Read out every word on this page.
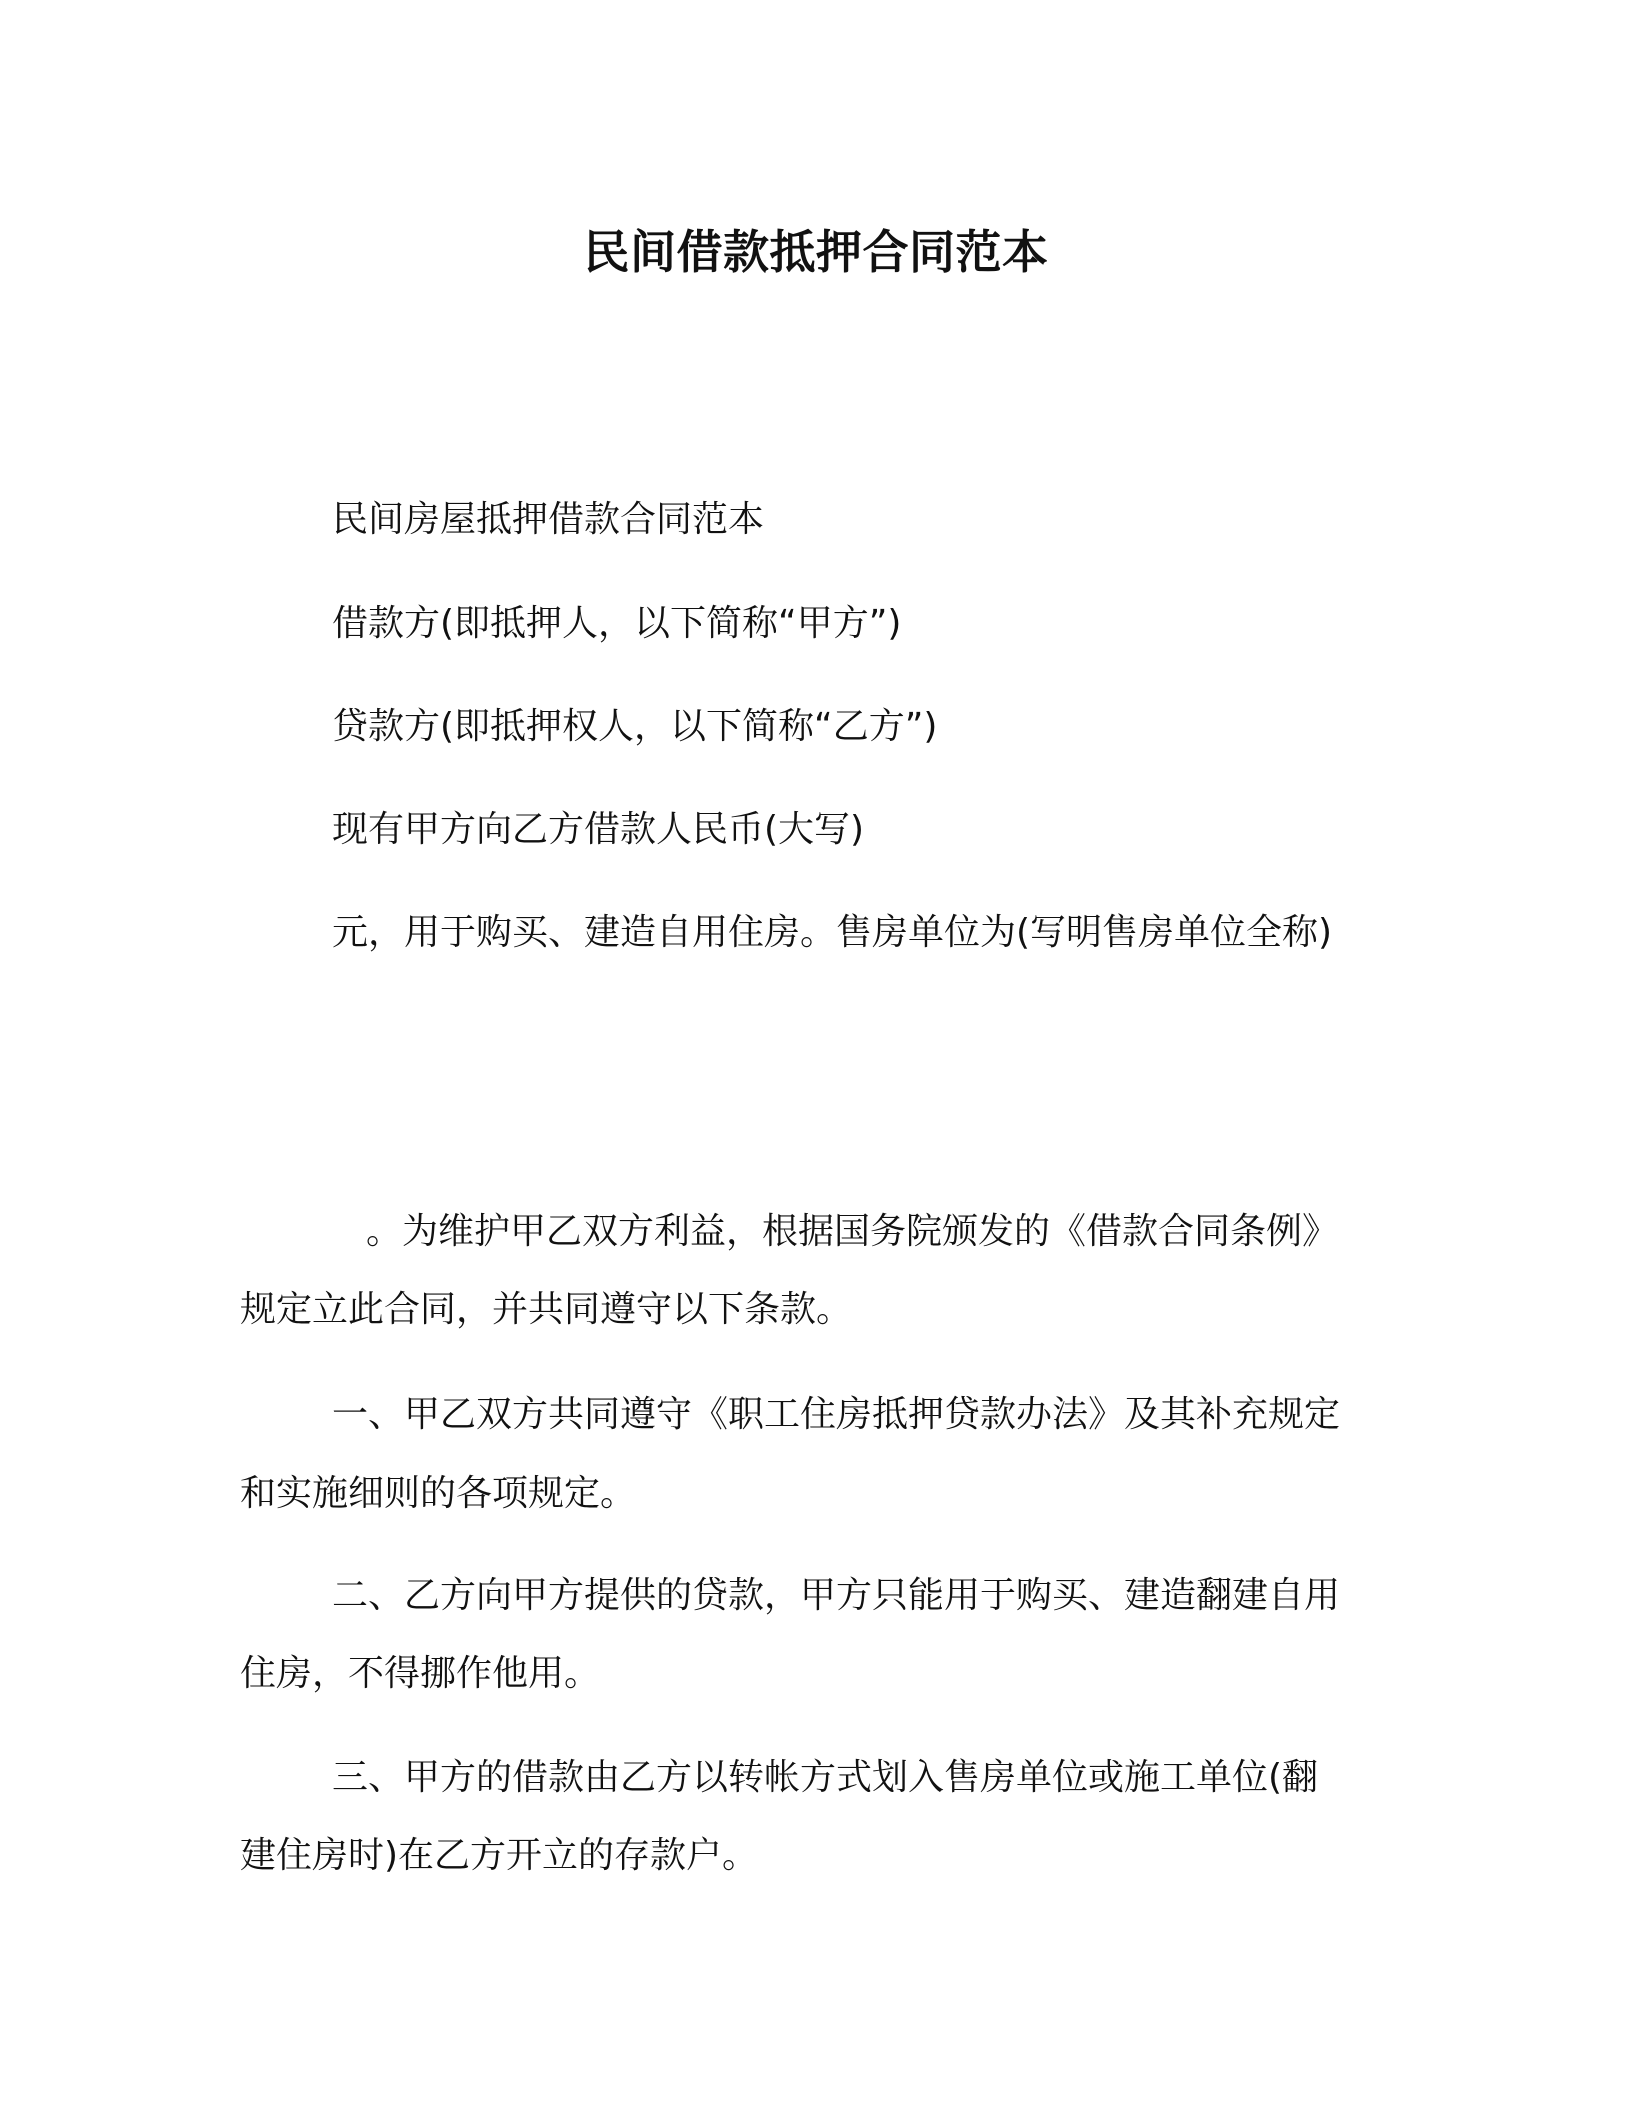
民间借款抵押合同范本
民间房屋抵押借款合同范本
借款方(即抵押人，以下简称“甲方”)
贷款方(即抵押权人，以下简称“乙方”)
现有甲方向乙方借款人民币(大写)
元，用于购买、建造自用住房。售房单位为(写明售房单位全称)
。为维护甲乙双方利益，根据国务院颁发的《借款合同条例》
规定立此合同，并共同遵守以下条款。
一、甲乙双方共同遵守《职工住房抵押贷款办法》及其补充规定
和实施细则的各项规定。
二、乙方向甲方提供的贷款，甲方只能用于购买、建造翻建自用
住房，不得挪作他用。
三、甲方的借款由乙方以转帐方式划入售房单位或施工单位(翻
建住房时)在乙方开立的存款户。
